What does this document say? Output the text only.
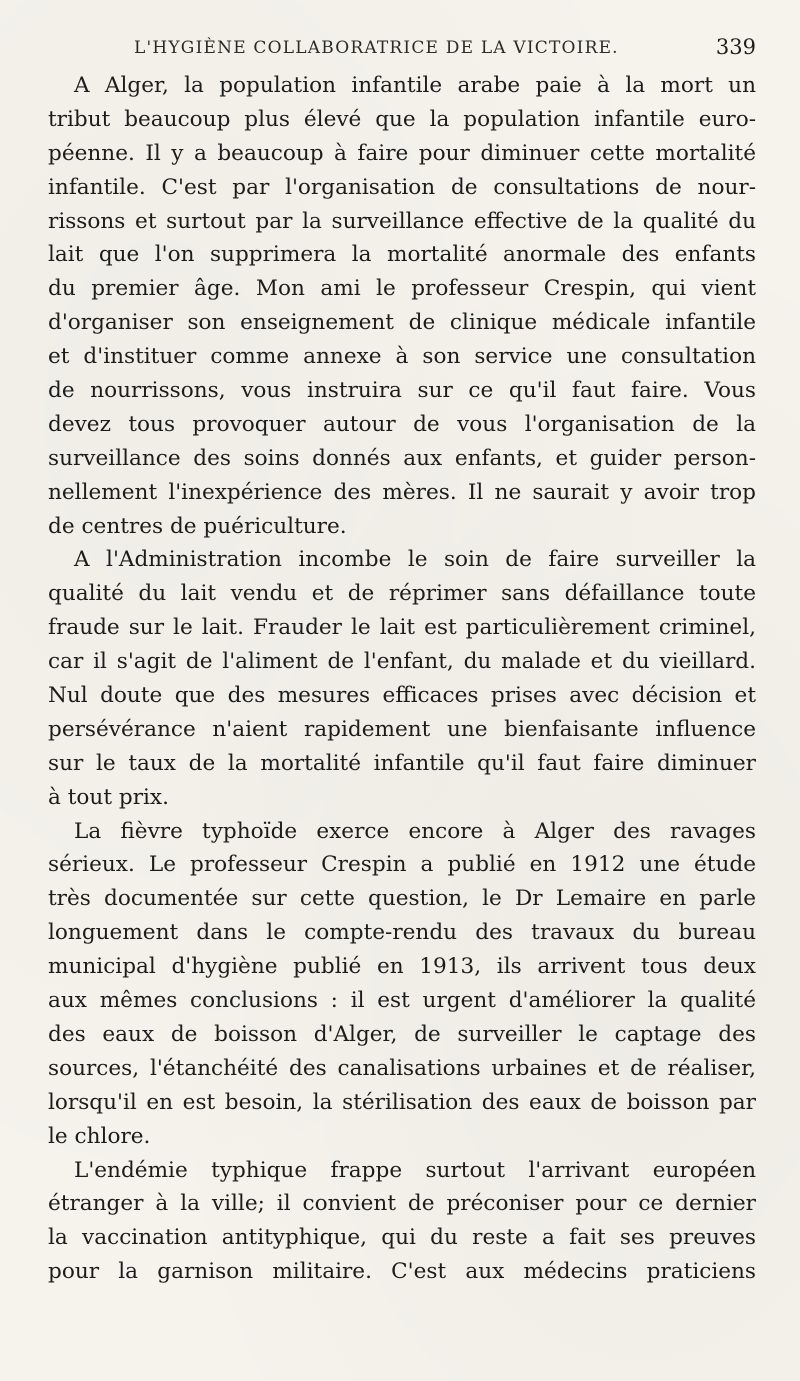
L'HYGIÈNE COLLABORATRICE DE LA VICTOIRE.	339
A Alger, la population infantile arabe paie à la mort un
tribut beaucoup plus élevé que la population infantile euro-
péenne. Il y a beaucoup à faire pour diminuer cette mortalité
infantile. C'est par l'organisation de consultations de nour-
rissons et surtout par la surveillance effective de la qualité du
lait que l'on supprimera la mortalité anormale des enfants
du premier âge. Mon ami le professeur Crespin, qui vient
d'organiser son enseignement de clinique médicale infantile
et d'instituer comme annexe à son service une consultation
de nourrissons, vous instruira sur ce qu'il faut faire. Vous
devez tous provoquer autour de vous l'organisation de la
surveillance des soins donnés aux enfants, et guider person-
nellement l'inexpérience des mères. Il ne saurait y avoir trop
de centres de puériculture.
A l'Administration incombe le soin de faire surveiller la
qualité du lait vendu et de réprimer sans défaillance toute
fraude sur le lait. Frauder le lait est particulièrement criminel,
car il s'agit de l'aliment de l'enfant, du malade et du vieillard.
Nul doute que des mesures efficaces prises avec décision et
persévérance n'aient rapidement une bienfaisante influence
sur le taux de la mortalité infantile qu'il faut faire diminuer
à tout prix.
La fièvre typhoïde exerce encore à Alger des ravages
sérieux. Le professeur Crespin a publié en 1912 une étude
très documentée sur cette question, le Dr Lemaire en parle
longuement dans le compte-rendu des travaux du bureau
municipal d'hygiène publié en 1913, ils arrivent tous deux
aux mêmes conclusions : il est urgent d'améliorer la qualité
des eaux de boisson d'Alger, de surveiller le captage des
sources, l'étanchéité des canalisations urbaines et de réaliser,
lorsqu'il en est besoin, la stérilisation des eaux de boisson par
le chlore.
L'endémie typhique frappe surtout l'arrivant européen
étranger à la ville; il convient de préconiser pour ce dernier
la vaccination antityphique, qui du reste a fait ses preuves
pour la garnison militaire. C'est aux médecins praticiens
